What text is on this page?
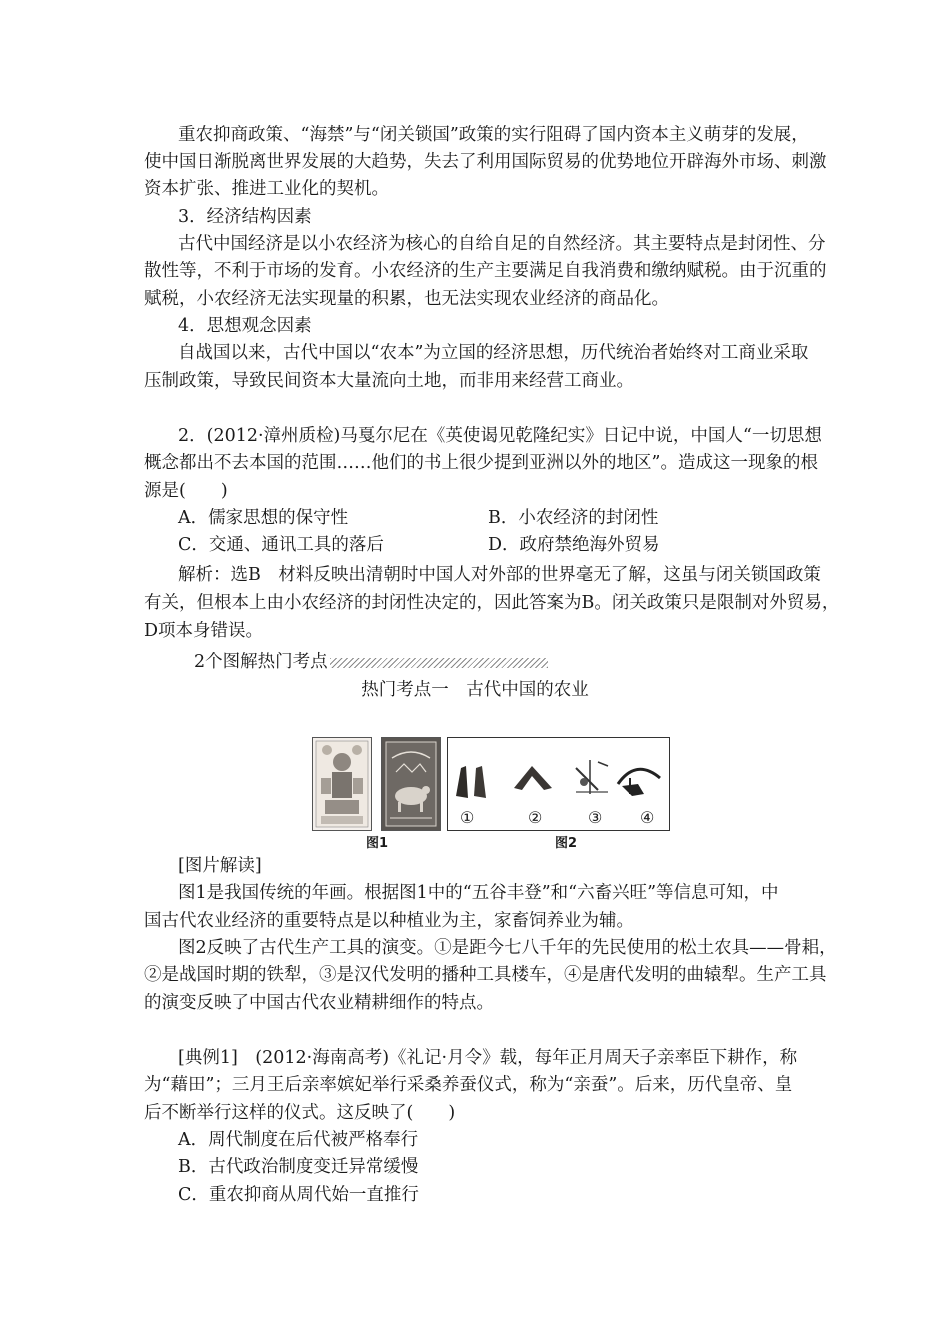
重农抑商政策、“海禁”与“闭关锁国”政策的实行阻碍了国内资本主义萌芽的发展，
使中国日渐脱离世界发展的大趋势，失去了利用国际贸易的优势地位开辟海外市场、刺激
资本扩张、推进工业化的契机。
3．经济结构因素
古代中国经济是以小农经济为核心的自给自足的自然经济。其主要特点是封闭性、分
散性等，不利于市场的发育。小农经济的生产主要满足自我消费和缴纳赋税。由于沉重的
赋税，小农经济无法实现量的积累，也无法实现农业经济的商品化。
4．思想观念因素
自战国以来，古代中国以“农本”为立国的经济思想，历代统治者始终对工商业采取
压制政策，导致民间资本大量流向土地，而非用来经营工商业。
2．(2012·漳州质检)马戛尔尼在《英使谒见乾隆纪实》日记中说，中国人“一切思想
概念都出不去本国的范围……他们的书上很少提到亚洲以外的地区”。造成这一现象的根
源是(　　)
A．儒家思想的保守性	B．小农经济的封闭性
C．交通、通讯工具的落后	D．政府禁绝海外贸易
解析：选B　材料反映出清朝时中国人对外部的世界毫无了解，这虽与闭关锁国政策
有关，但根本上由小农经济的封闭性决定的，因此答案为B。闭关政策只是限制对外贸易，
D项本身错误。
2个图解热门考点
热门考点一　古代中国的农业
图1
①	②	③ ④
图2
[图片解读]
图1是我国传统的年画。根据图1中的“五谷丰登”和“六畜兴旺”等信息可知，中
国古代农业经济的重要特点是以种植业为主，家畜饲养业为辅。
图2反映了古代生产工具的演变。①是距今七八千年的先民使用的松土农具——骨耜，
②是战国时期的铁犁，③是汉代发明的播种工具楼车，④是唐代发明的曲辕犁。生产工具
的演变反映了中国古代农业精耕细作的特点。
[典例1]　(2012·海南高考)《礼记·月令》载，每年正月周天子亲率臣下耕作，称
为“藉田”；三月王后亲率嫔妃举行采桑养蚕仪式，称为“亲蚕”。后来，历代皇帝、皇
后不断举行这样的仪式。这反映了(　　)
A．周代制度在后代被严格奉行
B．古代政治制度变迁异常缓慢
C．重农抑商从周代始一直推行
